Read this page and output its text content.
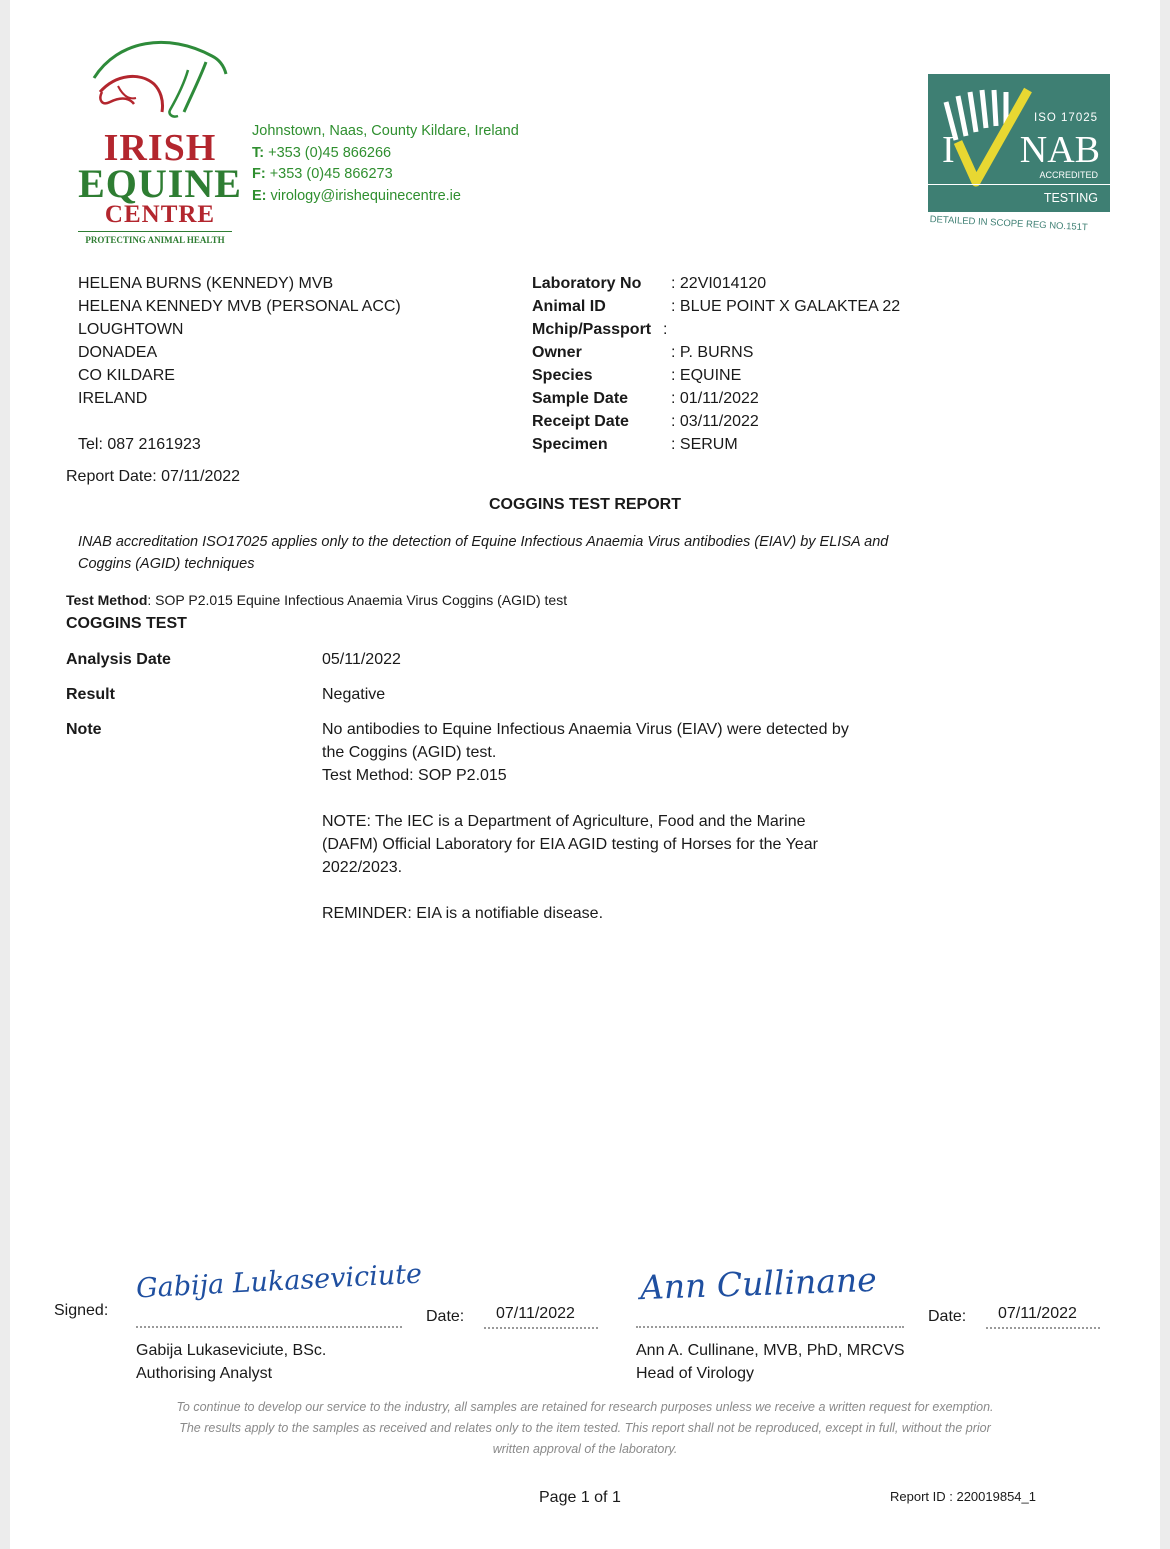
IRISH
EQUINE
CENTRE
PROTECTING ANIMAL HEALTH
Johnstown, Naas, County Kildare, Ireland
T: +353 (0)45 866266
F: +353 (0)45 866273
E: virology@irishequinecentre.ie
ISO 17025
I NAB
ACCREDITED
TESTING
DETAILED IN SCOPE REG NO.151T
HELENA BURNS (KENNEDY) MVB
HELENA KENNEDY MVB (PERSONAL ACC)
LOUGHTOWN
DONADEA
CO KILDARE
IRELAND
Tel: 087 2161923
Laboratory No : 22VI014120
Animal ID	: BLUE POINT X GALAKTEA 22
Mchip/Passport :
Owner	: P. BURNS
Species	: EQUINE
Sample Date	: 01/11/2022
Receipt Date	: 03/11/2022
Specimen	: SERUM
Report Date: 07/11/2022
COGGINS TEST REPORT
INAB accreditation ISO17025 applies only to the detection of Equine Infectious Anaemia Virus antibodies (EIAV) by ELISA and
Coggins (AGID) techniques
Test Method: SOP P2.015 Equine Infectious Anaemia Virus Coggins (AGID) test
COGGINS TEST
Analysis Date	05/11/2022
Result	Negative
Note	No antibodies to Equine Infectious Anaemia Virus (EIAV) were detected by
the Coggins (AGID) test.
Test Method: SOP P2.015
NOTE: The IEC is a Department of Agriculture, Food and the Marine
(DAFM) Official Laboratory for EIA AGID testing of Horses for the Year
2022/2023.
REMINDER: EIA is a notifiable disease.
Signed:
Gabija Lukaseviciute
Date: 07/11/2022
Gabija Lukaseviciute, BSc.
Authorising Analyst
Ann Cullinane
Date: 07/11/2022
Ann A. Cullinane, MVB, PhD, MRCVS
Head of Virology
To continue to develop our service to the industry, all samples are retained for research purposes unless we receive a written request for exemption.
The results apply to the samples as received and relates only to the item tested. This report shall not be reproduced, except in full, without the prior
written approval of the laboratory.
Page 1 of 1	Report ID : 220019854_1
